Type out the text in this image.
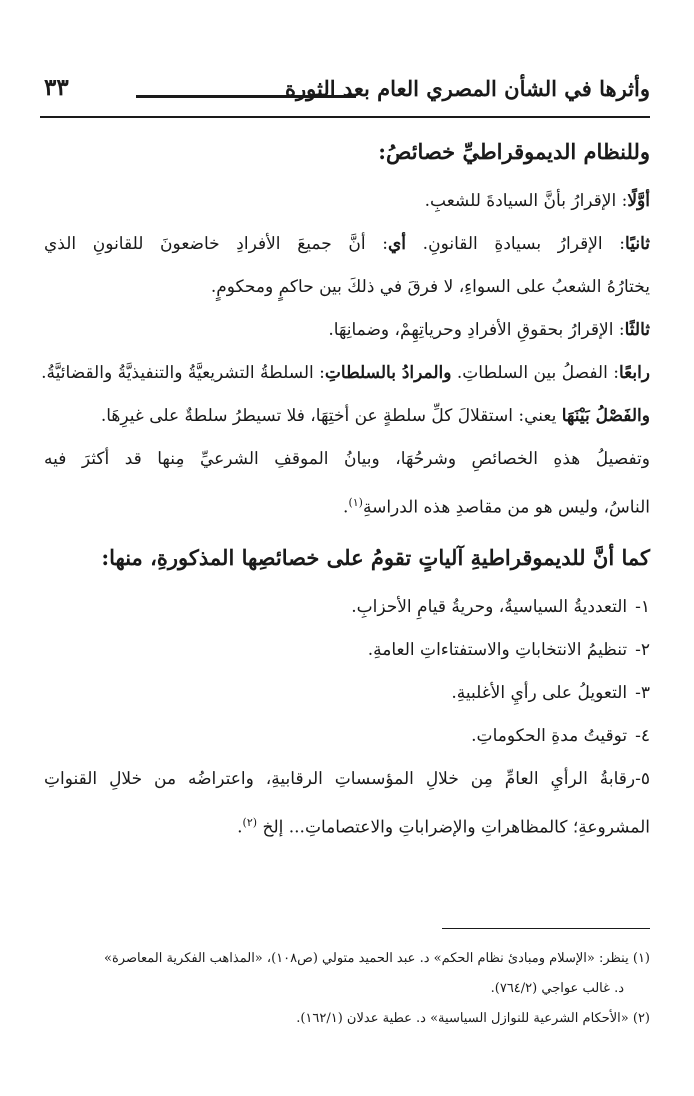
وأثرها في الشأن المصري العام بعد الثورة
٣٣

وللنظام الديموقراطيِّ خصائصُ:

أوَّلًا: الإقرارُ بأنَّ السيادةَ للشعبِ.

ثانيًا: الإقرارُ بسيادةِ القانونِ. أي: أنَّ جميعَ الأفرادِ خاضعونَ للقانونِ الذي

يختارُهُ الشعبُ على السواءِ، لا فرقَ في ذلكَ بين حاكمٍ ومحكومٍ.

ثالثًا: الإقرارُ بحقوقِ الأفرادِ وحرياتِهِمْ، وضمانِهَا.

رابعًا: الفصلُ بين السلطاتِ. والمرادُ بالسلطاتِ: السلطةُ التشريعيَّةُ والتنفيذيَّةُ والقضائيَّةُ.

والفَصْلُ بَيْنَهَا يعني: استقلالَ كلِّ سلطةٍ عن أختِهَا، فلا تسيطرُ سلطةٌ على غيرِهَا.

وتفصيلُ هذهِ الخصائصِ وشرحُهَا، وبيانُ الموقفِ الشرعيِّ مِنها قد أكثرَ فيه

الناسُ، وليس هو من مقاصدِ هذه الدراسةِ$^{(١)}$.

كما أنَّ للديموقراطيةِ آلياتٍ تقومُ على خصائصِها المذكورةِ، منها:

١-التعدديةُ السياسيةُ، وحريةُ قيامِ الأحزابِ.

٢-تنظيمُ الانتخاباتِ والاستفتاءاتِ العامةِ.

٣-التعويلُ على رأيِ الأغلبيةِ.

٤-توقيتُ مدةِ الحكوماتِ.

٥-رقابةُ الرأيِ العامِّ مِن خلالِ المؤسساتِ الرقابيةِ، واعتراضُه من خلالِ القنواتِ

المشروعةِ؛ كالمظاهراتِ والإضراباتِ والاعتصاماتِ... إلخ $^{(٢)}$.

(١) ينظر: «الإسلام ومبادئ نظام الحكم» د. عبد الحميد متولي (ص١٠٨)، «المذاهب الفكرية المعاصرة»

د. غالب عواجي (٧٦٤/٢).

(٢) «الأحكام الشرعية للنوازل السياسية» د. عطية عدلان (١٦٢/١).
